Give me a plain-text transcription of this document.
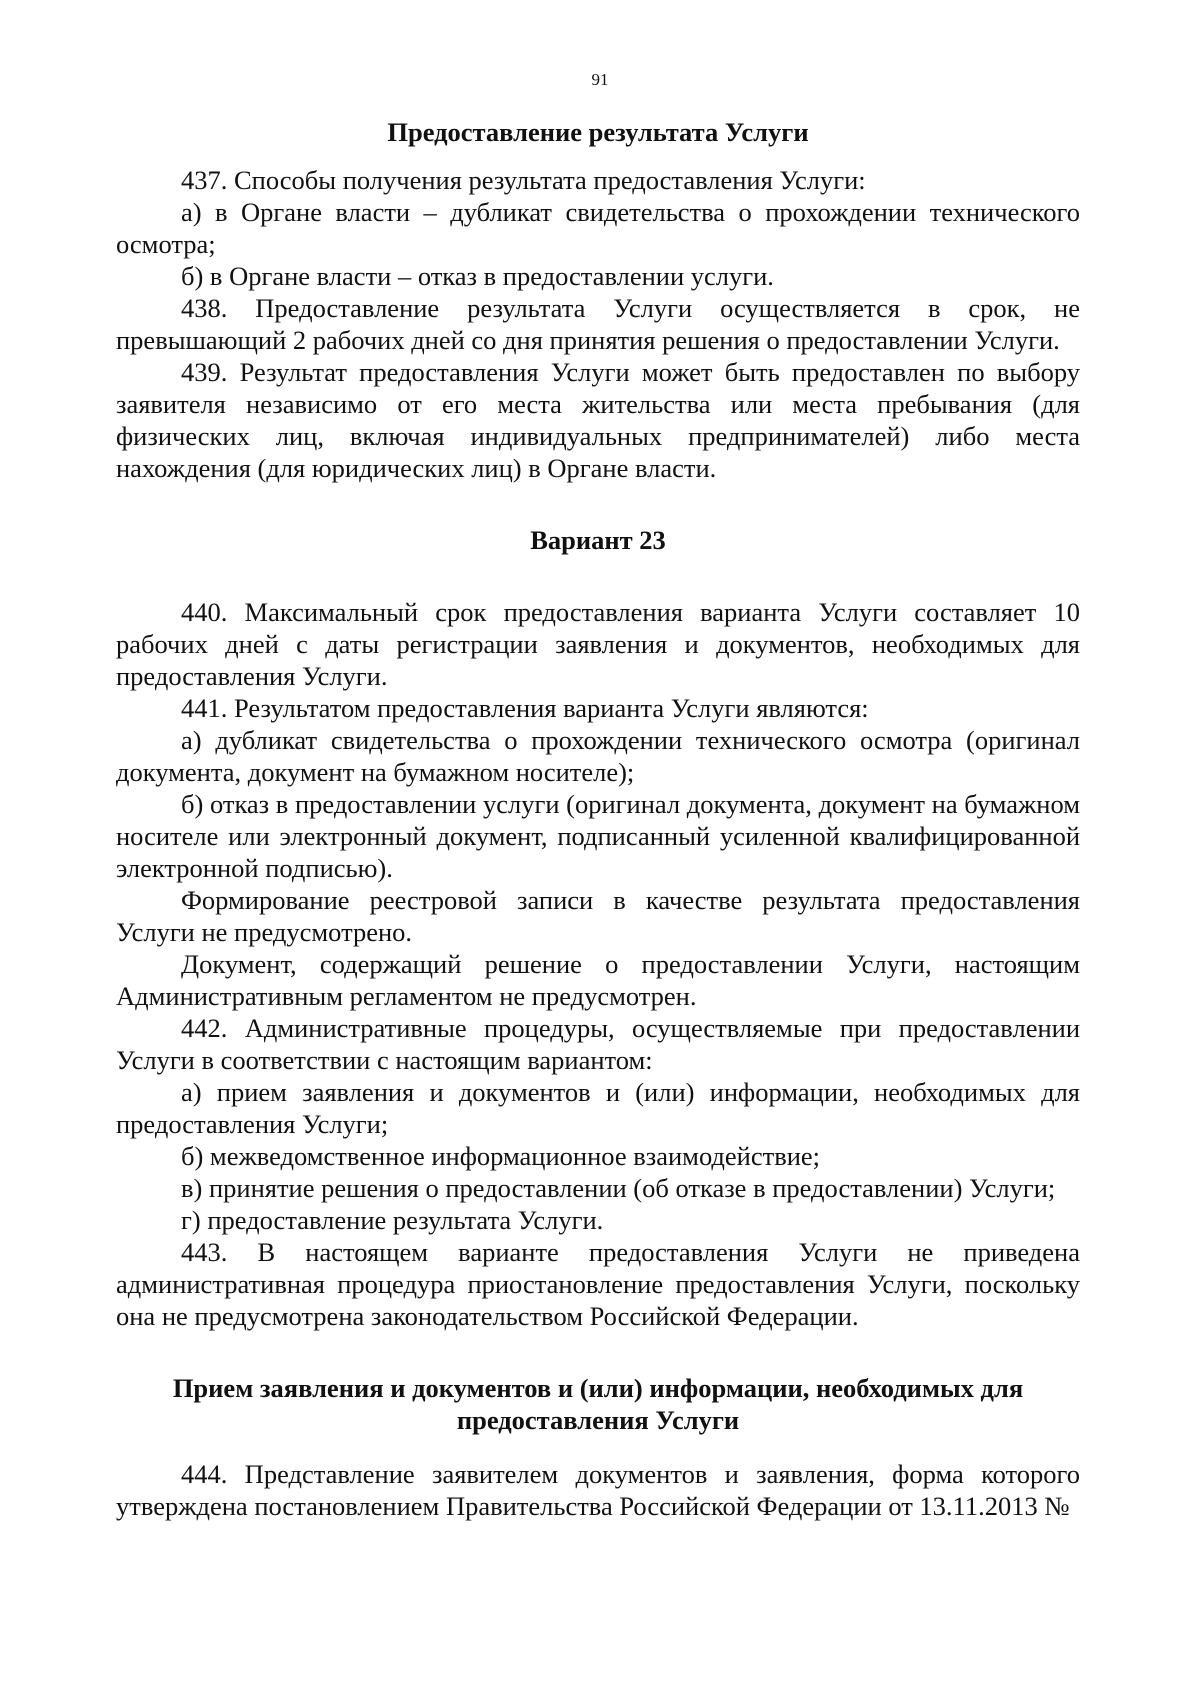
91

Предоставление результата Услуги

437. Способы получения результата предоставления Услуги:

а) в Органе власти – дубликат свидетельства о прохождении технического осмотра;

б) в Органе власти – отказ в предоставлении услуги.

438. Предоставление результата Услуги осуществляется в срок, не превышающий 2 рабочих дней со дня принятия решения о предоставлении Услуги.

439. Результат предоставления Услуги может быть предоставлен по выбору заявителя независимо от его места жительства или места пребывания (для физических лиц, включая индивидуальных предпринимателей) либо места нахождения (для юридических лиц) в Органе власти.

Вариант 23

440. Максимальный срок предоставления варианта Услуги составляет 10 рабочих дней с даты регистрации заявления и документов, необходимых для предоставления Услуги.

441. Результатом предоставления варианта Услуги являются:

а) дубликат свидетельства о прохождении технического осмотра (оригинал документа, документ на бумажном носителе);

б) отказ в предоставлении услуги (оригинал документа, документ на бумажном носителе или электронный документ, подписанный усиленной квалифицированной электронной подписью).

Формирование реестровой записи в качестве результата предоставления Услуги не предусмотрено.

Документ, содержащий решение о предоставлении Услуги, настоящим Административным регламентом не предусмотрен.

442. Административные процедуры, осуществляемые при предоставлении Услуги в соответствии с настоящим вариантом:

а) прием заявления и документов и (или) информации, необходимых для предоставления Услуги;

б) межведомственное информационное взаимодействие;

в) принятие решения о предоставлении (об отказе в предоставлении) Услуги;

г) предоставление результата Услуги.

443. В настоящем варианте предоставления Услуги не приведена административная процедура приостановление предоставления Услуги, поскольку она не предусмотрена законодательством Российской Федерации.

Прием заявления и документов и (или) информации, необходимых для
предоставления Услуги

444. Представление заявителем документов и заявления, форма которого утверждена постановлением Правительства Российской Федерации от 13.11.2013 №
